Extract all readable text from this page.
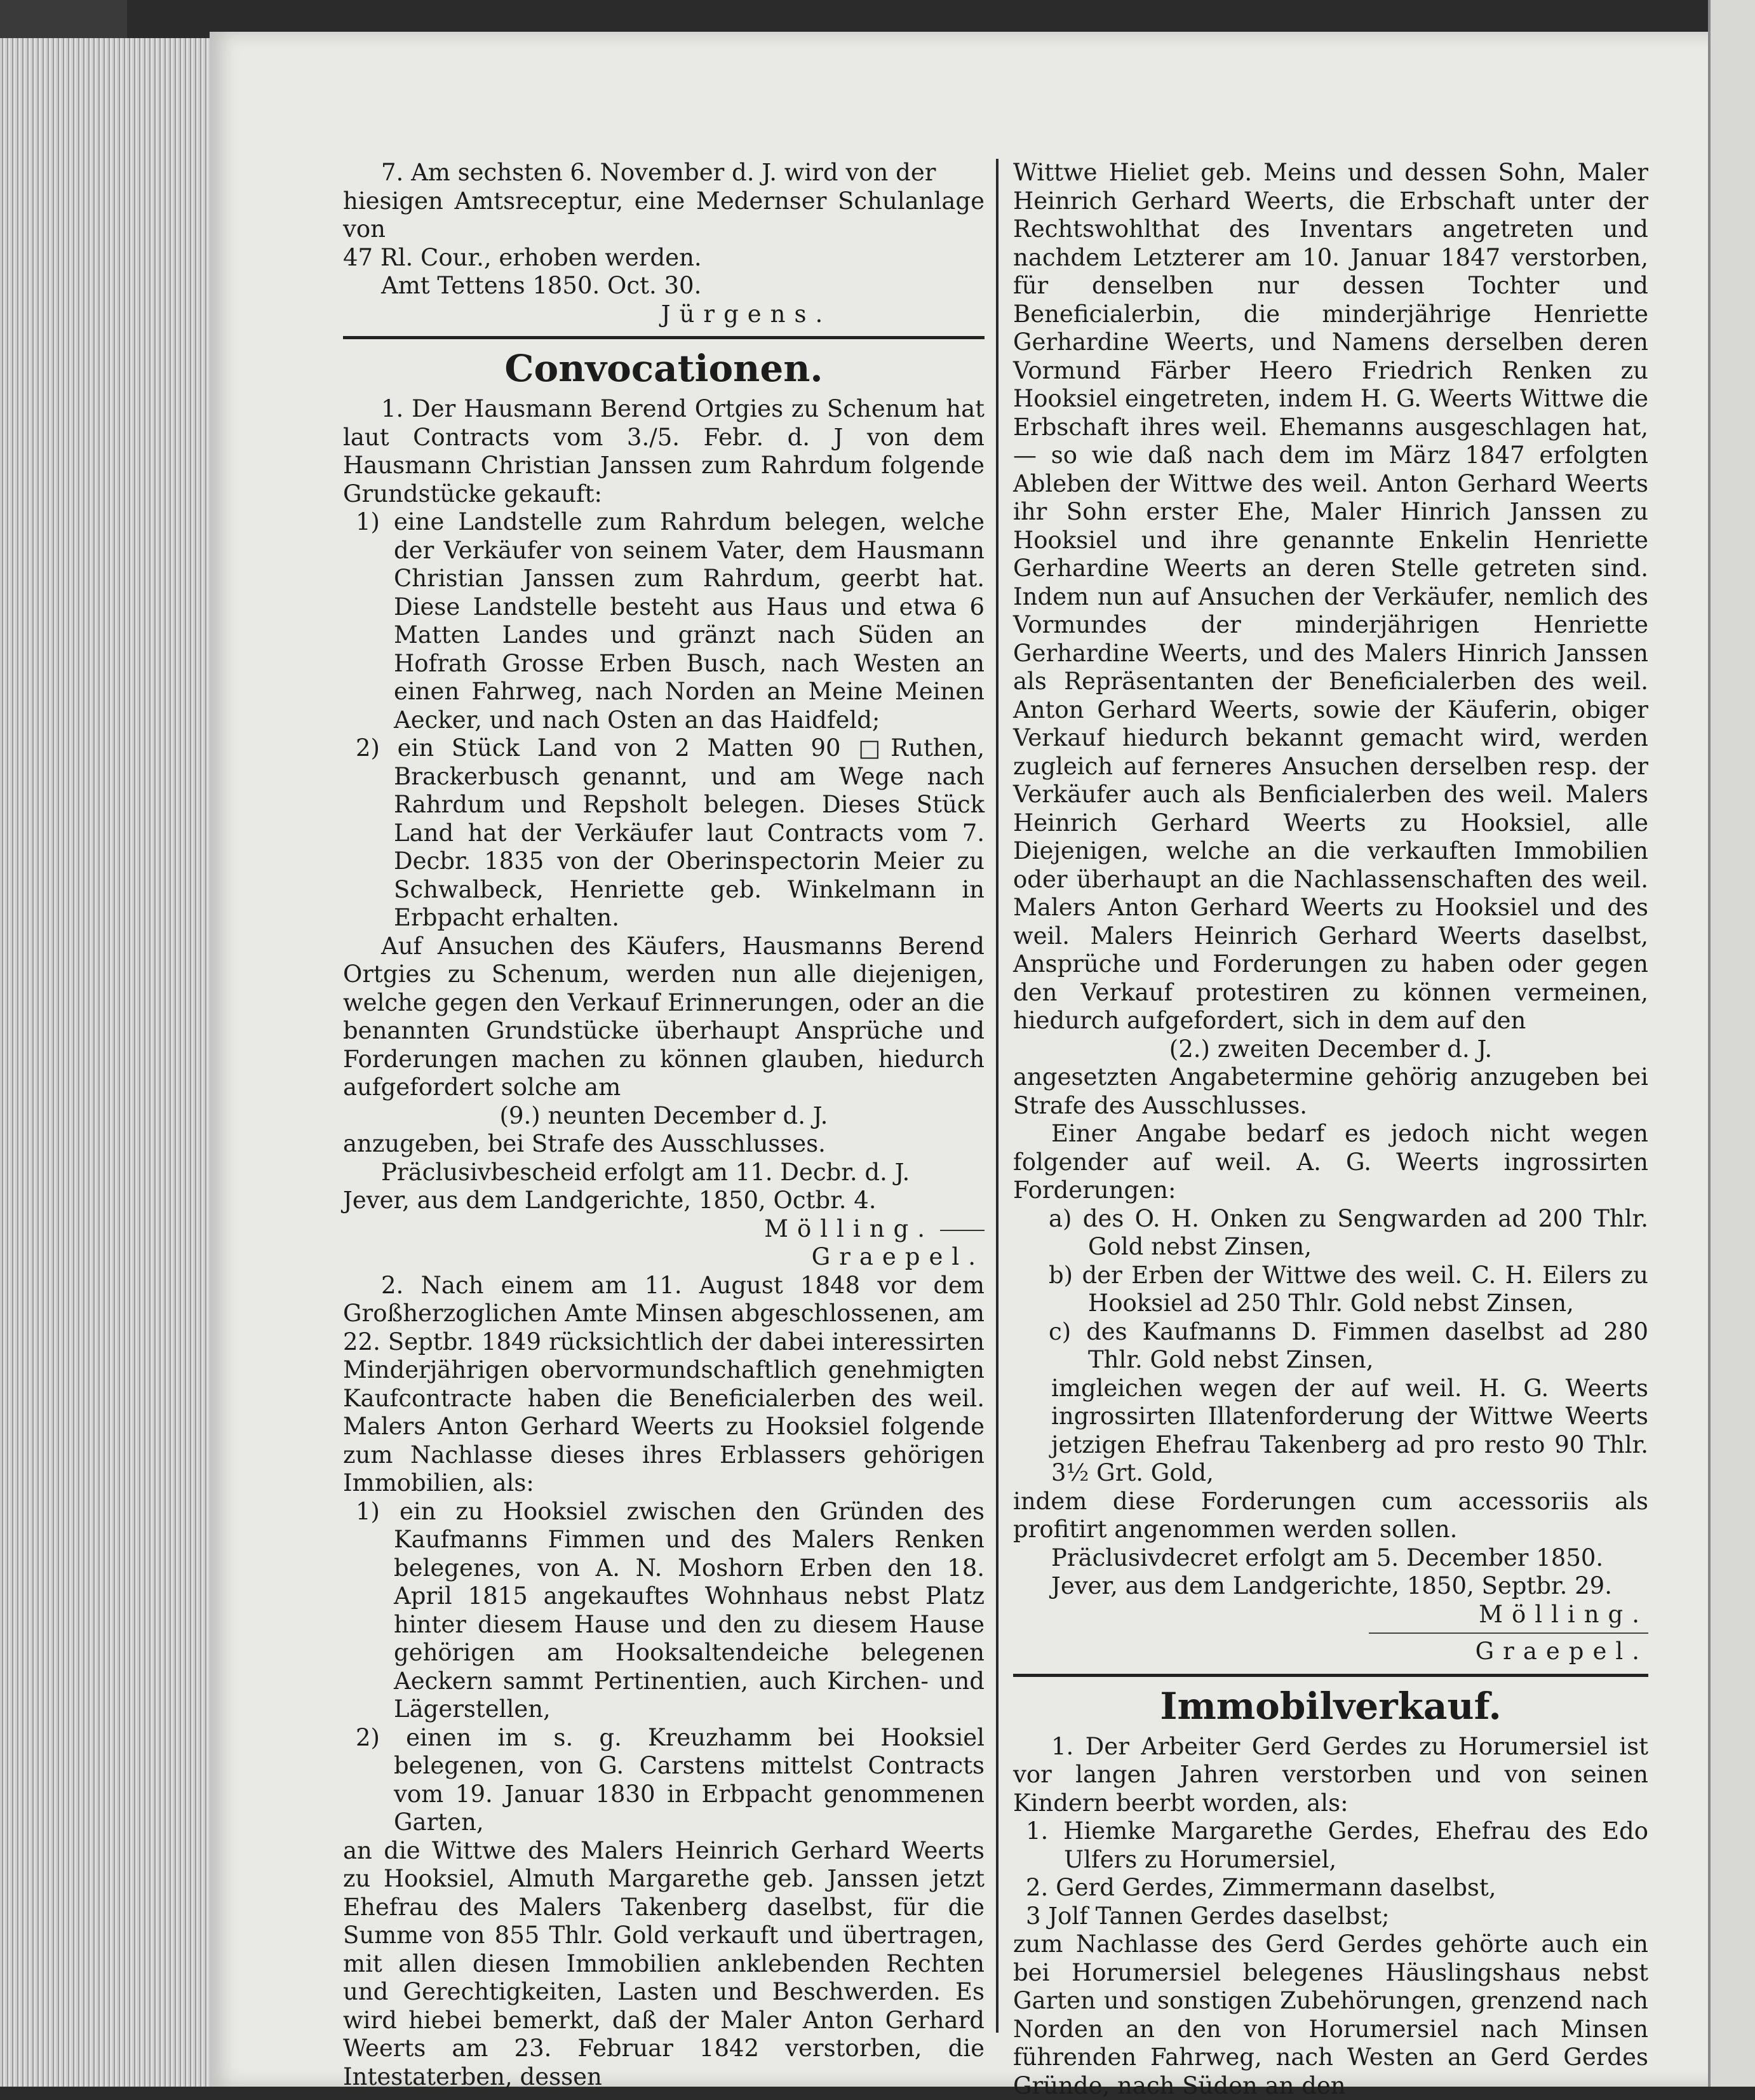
7. Am sechsten 6. November d. J. wird von der

hiesigen Amtsreceptur, eine Medernser Schulanlage von

47 Rl. Cour., erhoben werden.

Amt Tettens 1850. Oct. 30.

Jürgens.

Convocationen.

1. Der Hausmann Berend Ortgies zu Schenum hat laut Contracts vom 3./5. Febr. d. J von dem Hausmann Christian Janssen zum Rahrdum folgende Grundstücke gekauft:

1) eine Landstelle zum Rahrdum belegen, welche der Verkäufer von seinem Vater, dem Hausmann Christian Janssen zum Rahrdum, geerbt hat. Diese Landstelle besteht aus Haus und etwa 6 Matten Landes und gränzt nach Süden an Hofrath Grosse Erben Busch, nach Westen an einen Fahrweg, nach Norden an Meine Meinen Aecker, und nach Osten an das Haidfeld;

2) ein Stück Land von 2 Matten 90 □Ruthen, Brackerbusch genannt, und am Wege nach Rahrdum und Repsholt belegen. Dieses Stück Land hat der Verkäufer laut Contracts vom 7. Decbr. 1835 von der Oberinspectorin Meier zu Schwalbeck, Henriette geb. Winkelmann in Erbpacht erhalten.

Auf Ansuchen des Käufers, Hausmanns Berend Ortgies zu Schenum, werden nun alle diejenigen, welche gegen den Verkauf Erinnerungen, oder an die benannten Grundstücke überhaupt Ansprüche und Forderungen machen zu können glauben, hiedurch aufgefordert solche am

(9.) neunten December d. J.

anzugeben, bei Strafe des Ausschlusses.

Präclusivbescheid erfolgt am 11. Decbr. d. J.

Jever, aus dem Landgerichte, 1850, Octbr. 4.

Mölling.

Graepel.

2. Nach einem am 11. August 1848 vor dem Großherzoglichen Amte Minsen abgeschlossenen, am 22. Septbr. 1849 rücksichtlich der dabei interessirten Minderjährigen obervormundschaftlich genehmigten Kaufcontracte haben die Beneficialerben des weil. Malers Anton Gerhard Weerts zu Hooksiel folgende zum Nachlasse dieses ihres Erblassers gehörigen Immobilien, als:

1) ein zu Hooksiel zwischen den Gründen des Kaufmanns Fimmen und des Malers Renken belegenes, von A. N. Moshorn Erben den 18. April 1815 angekauftes Wohnhaus nebst Platz hinter diesem Hause und den zu diesem Hause gehörigen am Hooksaltendeiche belegenen Aeckern sammt Pertinentien, auch Kirchen- und Lägerstellen,

2) einen im s. g. Kreuzhamm bei Hooksiel belegenen, von G. Carstens mittelst Contracts vom 19. Januar 1830 in Erbpacht genommenen Garten,

an die Wittwe des Malers Heinrich Gerhard Weerts zu Hooksiel, Almuth Margarethe geb. Janssen jetzt Ehefrau des Malers Takenberg daselbst, für die Summe von 855 Thlr. Gold verkauft und übertragen, mit allen diesen Immobilien anklebenden Rechten und Gerechtigkeiten, Lasten und Beschwerden. Es wird hiebei bemerkt, daß der Maler Anton Gerhard Weerts am 23. Februar 1842 verstorben, die Intestaterben, dessen

Wittwe Hieliet geb. Meins und dessen Sohn, Maler Heinrich Gerhard Weerts, die Erbschaft unter der Rechtswohlthat des Inventars angetreten und nachdem Letzterer am 10. Januar 1847 verstorben, für denselben nur dessen Tochter und Beneficialerbin, die minderjährige Henriette Gerhardine Weerts, und Namens derselben deren Vormund Färber Heero Friedrich Renken zu Hooksiel eingetreten, indem H. G. Weerts Wittwe die Erbschaft ihres weil. Ehemanns ausgeschlagen hat, — so wie daß nach dem im März 1847 erfolgten Ableben der Wittwe des weil. Anton Gerhard Weerts ihr Sohn erster Ehe, Maler Hinrich Janssen zu Hooksiel und ihre genannte Enkelin Henriette Gerhardine Weerts an deren Stelle getreten sind. Indem nun auf Ansuchen der Verkäufer, nemlich des Vormundes der minderjährigen Henriette Gerhardine Weerts, und des Malers Hinrich Janssen als Repräsentanten der Beneficialerben des weil. Anton Gerhard Weerts, sowie der Käuferin, obiger Verkauf hiedurch bekannt gemacht wird, werden zugleich auf ferneres Ansuchen derselben resp. der Verkäufer auch als Benficialerben des weil. Malers Heinrich Gerhard Weerts zu Hooksiel, alle Diejenigen, welche an die verkauften Immobilien oder überhaupt an die Nachlassenschaften des weil. Malers Anton Gerhard Weerts zu Hooksiel und des weil. Malers Heinrich Gerhard Weerts daselbst, Ansprüche und Forderungen zu haben oder gegen den Verkauf protestiren zu können vermeinen, hiedurch aufgefordert, sich in dem auf den

(2.) zweiten December d. J.

angesetzten Angabetermine gehörig anzugeben bei Strafe des Ausschlusses.

Einer Angabe bedarf es jedoch nicht wegen folgender auf weil. A. G. Weerts ingrossirten Forderungen:

a) des O. H. Onken zu Sengwarden ad 200 Thlr. Gold nebst Zinsen,

b) der Erben der Wittwe des weil. C. H. Eilers zu Hooksiel ad 250 Thlr. Gold nebst Zinsen,

c) des Kaufmanns D. Fimmen daselbst ad 280 Thlr. Gold nebst Zinsen,

imgleichen wegen der auf weil. H. G. Weerts ingrossirten Illatenforderung der Wittwe Weerts jetzigen Ehefrau Takenberg ad pro resto 90 Thlr. 3½ Grt. Gold,

indem diese Forderungen cum accessoriis als profitirt angenommen werden sollen.

Präclusivdecret erfolgt am 5. December 1850.

Jever, aus dem Landgerichte, 1850, Septbr. 29.

Mölling.

Graepel.

Immobilverkauf.

1. Der Arbeiter Gerd Gerdes zu Horumersiel ist vor langen Jahren verstorben und von seinen Kindern beerbt worden, als:

1. Hiemke Margarethe Gerdes, Ehefrau des Edo Ulfers zu Horumersiel,

2. Gerd Gerdes, Zimmermann daselbst,

3 Jolf Tannen Gerdes daselbst;

zum Nachlasse des Gerd Gerdes gehörte auch ein bei Horumersiel belegenes Häuslingshaus nebst Garten und sonstigen Zubehörungen, grenzend nach Norden an den von Horumersiel nach Minsen führenden Fahrweg, nach Westen an Gerd Gerdes Gründe, nach Süden an den
